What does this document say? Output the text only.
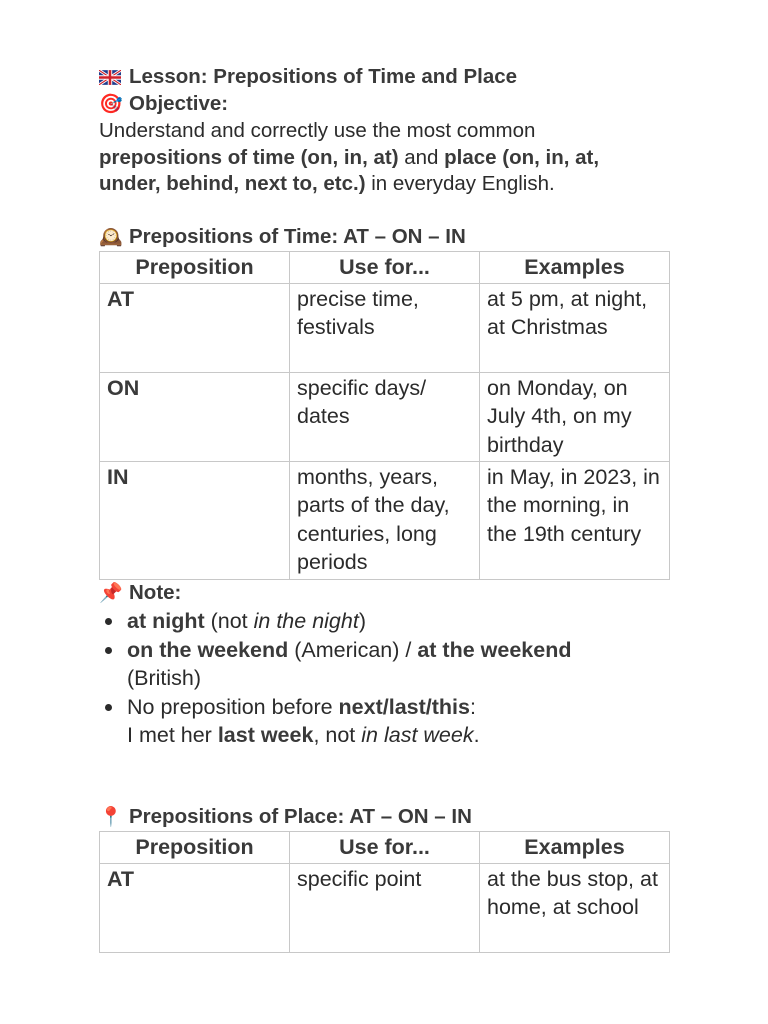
Lesson: Prepositions of Time and Place
🎯 Objective:
Understand and correctly use the most common
prepositions of time (on, in, at) and place (on, in, at,
under, behind, next to, etc.) in everyday English.
🕰️ Prepositions of Time: AT – ON – IN
Preposition	Use for...	Examples
AT	precise time, festivals	at 5 pm, at night, at Christmas
ON	specific days/ dates	on Monday, on July 4th, on my birthday
IN	months, years, parts of the day, centuries, long periods	in May, in 2023, in the morning, in the 19th century
📌 Note:
at night (not in the night)
on the weekend (American) / at the weekend
(British)
No preposition before next/last/this:
I met her last week, not in last week.
📍 Prepositions of Place: AT – ON – IN
Preposition	Use for...	Examples
AT	specific point	at the bus stop, at home, at school
